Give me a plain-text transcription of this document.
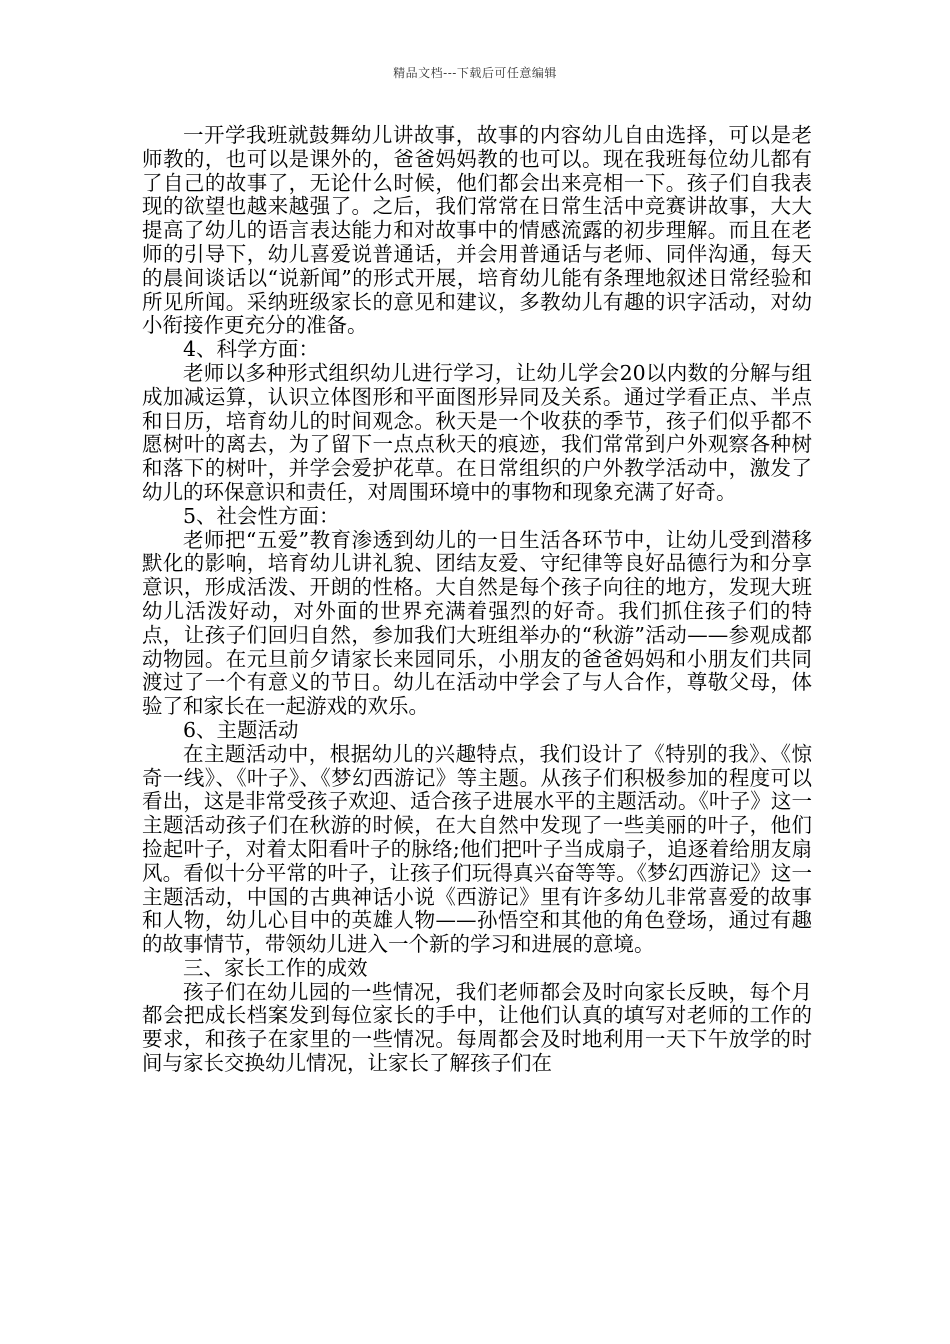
精品文档---下载后可任意编辑

一开学我班就鼓舞幼儿讲故事，故事的内容幼儿自由选择，可以是老师教的，也可以是课外的，爸爸妈妈教的也可以。现在我班每位幼儿都有了自己的故事了，无论什么时候，他们都会出来亮相一下。孩子们自我表现的欲望也越来越强了。之后，我们常常在日常生活中竞赛讲故事，大大提高了幼儿的语言表达能力和对故事中的情感流露的初步理解。而且在老师的引导下，幼儿喜爱说普通话，并会用普通话与老师、同伴沟通，每天的晨间谈话以“说新闻”的形式开展，培育幼儿能有条理地叙述日常经验和所见所闻。采纳班级家长的意见和建议，多教幼儿有趣的识字活动，对幼小衔接作更充分的准备。

4、科学方面：

老师以多种形式组织幼儿进行学习，让幼儿学会20以内数的分解与组成加减运算，认识立体图形和平面图形异同及关系。通过学看正点、半点和日历，培育幼儿的时间观念。秋天是一个收获的季节，孩子们似乎都不愿树叶的离去，为了留下一点点秋天的痕迹，我们常常到户外观察各种树和落下的树叶，并学会爱护花草。在日常组织的户外教学活动中，激发了幼儿的环保意识和责任，对周围环境中的事物和现象充满了好奇。

5、社会性方面：

老师把“五爱”教育渗透到幼儿的一日生活各环节中，让幼儿受到潜移默化的影响，培育幼儿讲礼貌、团结友爱、守纪律等良好品德行为和分享意识，形成活泼、开朗的性格。大自然是每个孩子向往的地方，发现大班幼儿活泼好动，对外面的世界充满着强烈的好奇。我们抓住孩子们的特点，让孩子们回归自然，参加我们大班组举办的“秋游”活动——参观成都动物园。在元旦前夕请家长来园同乐，小朋友的爸爸妈妈和小朋友们共同渡过了一个有意义的节日。幼儿在活动中学会了与人合作，尊敬父母，体验了和家长在一起游戏的欢乐。

6、主题活动

在主题活动中，根据幼儿的兴趣特点，我们设计了《特别的我》、《惊奇一线》、《叶子》、《梦幻西游记》等主题。从孩子们积极参加的程度可以看出，这是非常受孩子欢迎、适合孩子进展水平的主题活动。《叶子》这一主题活动孩子们在秋游的时候，在大自然中发现了一些美丽的叶子，他们捡起叶子，对着太阳看叶子的脉络;他们把叶子当成扇子，追逐着给朋友扇风。看似十分平常的叶子，让孩子们玩得真兴奋等等。《梦幻西游记》这一主题活动，中国的古典神话小说《西游记》里有许多幼儿非常喜爱的故事和人物，幼儿心目中的英雄人物——孙悟空和其他的角色登场，通过有趣的故事情节，带领幼儿进入一个新的学习和进展的意境。

三、家长工作的成效

孩子们在幼儿园的一些情况，我们老师都会及时向家长反映，每个月都会把成长档案发到每位家长的手中，让他们认真的填写对老师的工作的要求，和孩子在家里的一些情况。每周都会及时地利用一天下午放学的时间与家长交换幼儿情况，让家长了解孩子们在
